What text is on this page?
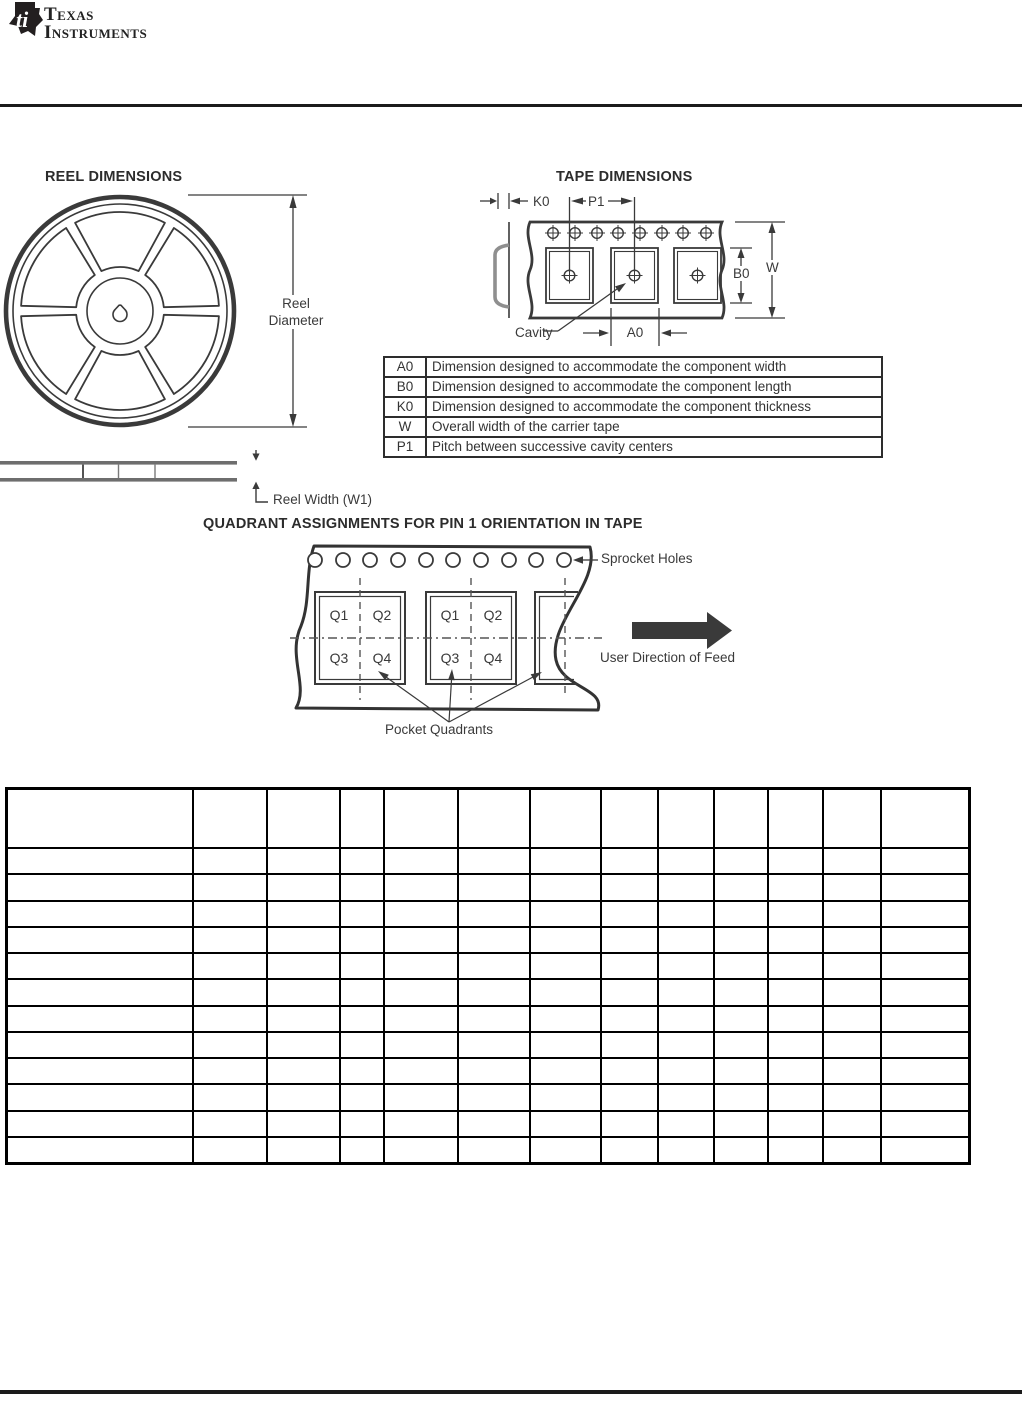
ti Texas
Instruments
REEL DIMENSIONS	TAPE DIMENSIONS
Reel Diameter
Reel Width (W1)
K0	P1
B0 W
Cavity	A0
A0	Dimension designed to accommodate the component width
B0	Dimension designed to accommodate the component length
K0	Dimension designed to accommodate the component thickness
W	Overall width of the carrier tape
P1	Pitch between successive cavity centers
QUADRANT ASSIGNMENTS FOR PIN 1 ORIENTATION IN TAPE
Sprocket Holes
Q1	Q2
Q3	Q4
Q1	Q2
Q3	Q4	User Direction of Feed
Pocket Quadrants
